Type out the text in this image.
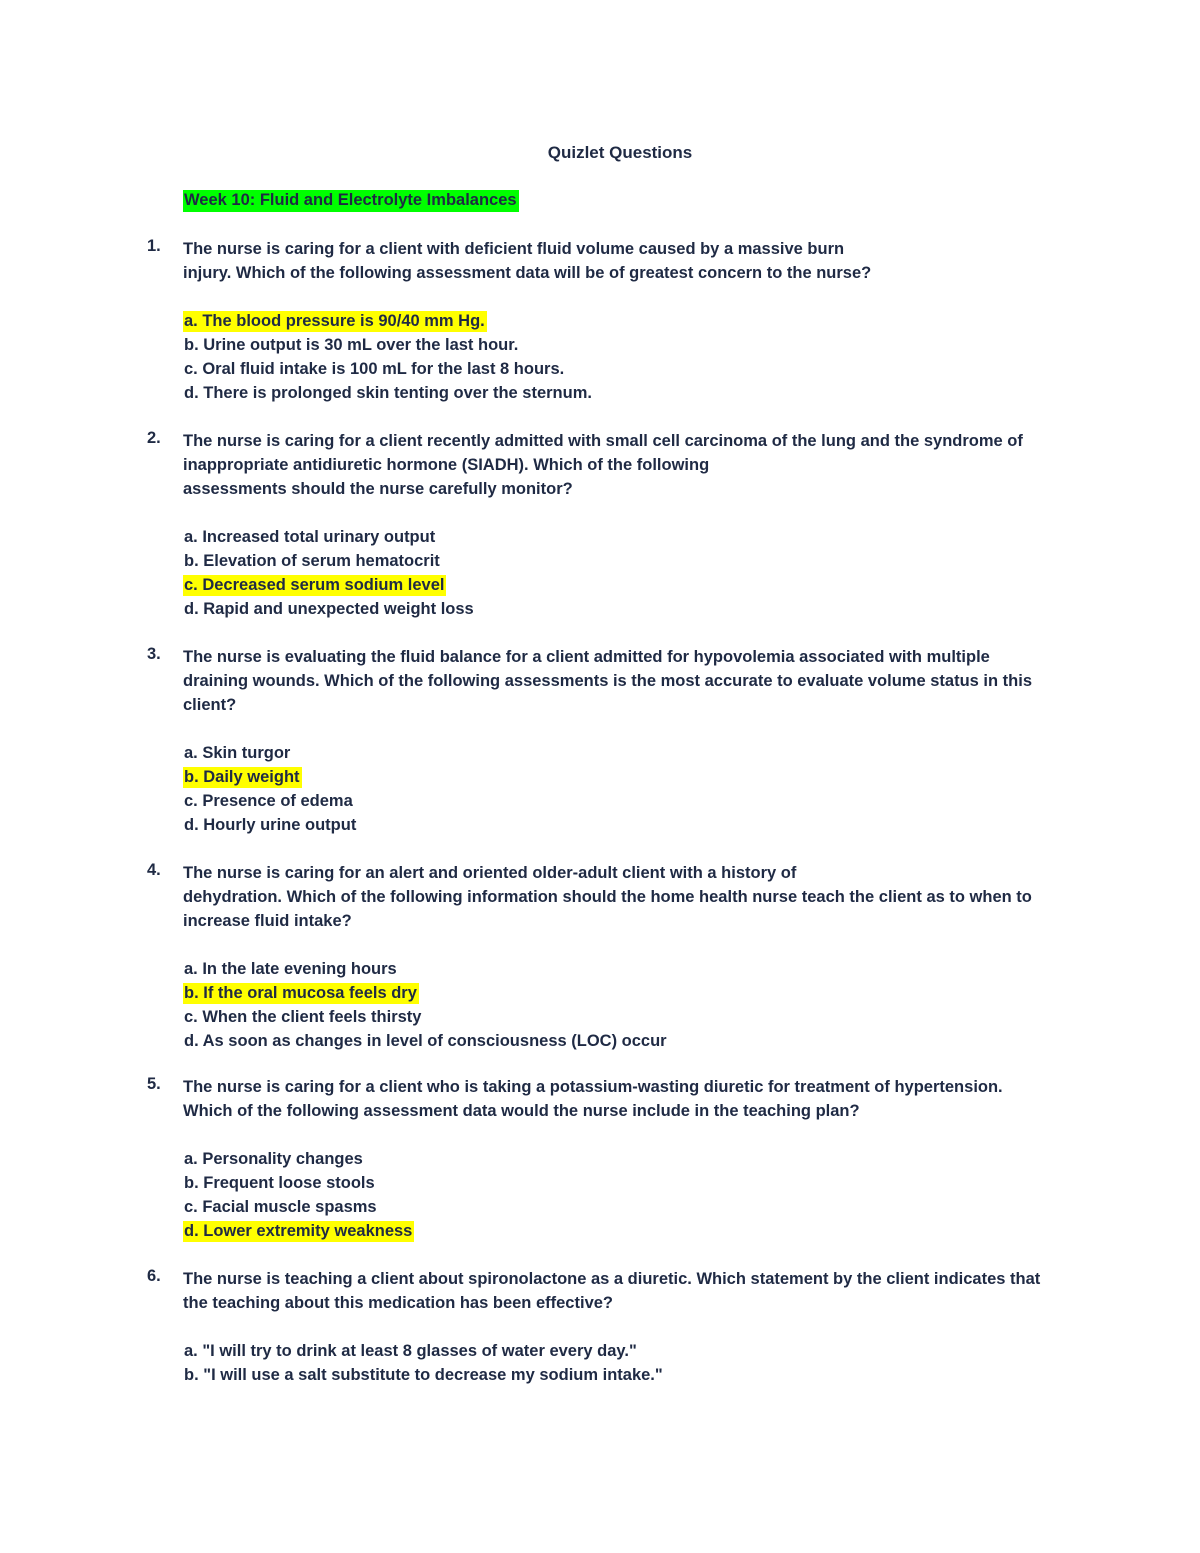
Quizlet Questions
Week 10: Fluid and Electrolyte Imbalances
1. The nurse is caring for a client with deficient fluid volume caused by a massive burn
injury. Which of the following assessment data will be of greatest concern to the nurse?
a. The blood pressure is 90/40 mm Hg.
b. Urine output is 30 mL over the last hour.
c. Oral fluid intake is 100 mL for the last 8 hours.
d. There is prolonged skin tenting over the sternum.
2. The nurse is caring for a client recently admitted with small cell carcinoma of the lung and the syndrome of
inappropriate antidiuretic hormone (SIADH). Which of the following
assessments should the nurse carefully monitor?
a. Increased total urinary output
b. Elevation of serum hematocrit
c. Decreased serum sodium level
d. Rapid and unexpected weight loss
3. The nurse is evaluating the fluid balance for a client admitted for hypovolemia associated with multiple
draining wounds. Which of the following assessments is the most accurate to evaluate volume status in this
client?
a. Skin turgor
b. Daily weight
c. Presence of edema
d. Hourly urine output
4. The nurse is caring for an alert and oriented older-adult client with a history of
dehydration. Which of the following information should the home health nurse teach the client as to when to
increase fluid intake?
a. In the late evening hours
b. If the oral mucosa feels dry
c. When the client feels thirsty
d. As soon as changes in level of consciousness (LOC) occur
5. The nurse is caring for a client who is taking a potassium-wasting diuretic for treatment of hypertension.
Which of the following assessment data would the nurse include in the teaching plan?
a. Personality changes
b. Frequent loose stools
c. Facial muscle spasms
d. Lower extremity weakness
6. The nurse is teaching a client about spironolactone as a diuretic. Which statement by the client indicates that
the teaching about this medication has been effective?
a. "I will try to drink at least 8 glasses of water every day."
b. "I will use a salt substitute to decrease my sodium intake."
